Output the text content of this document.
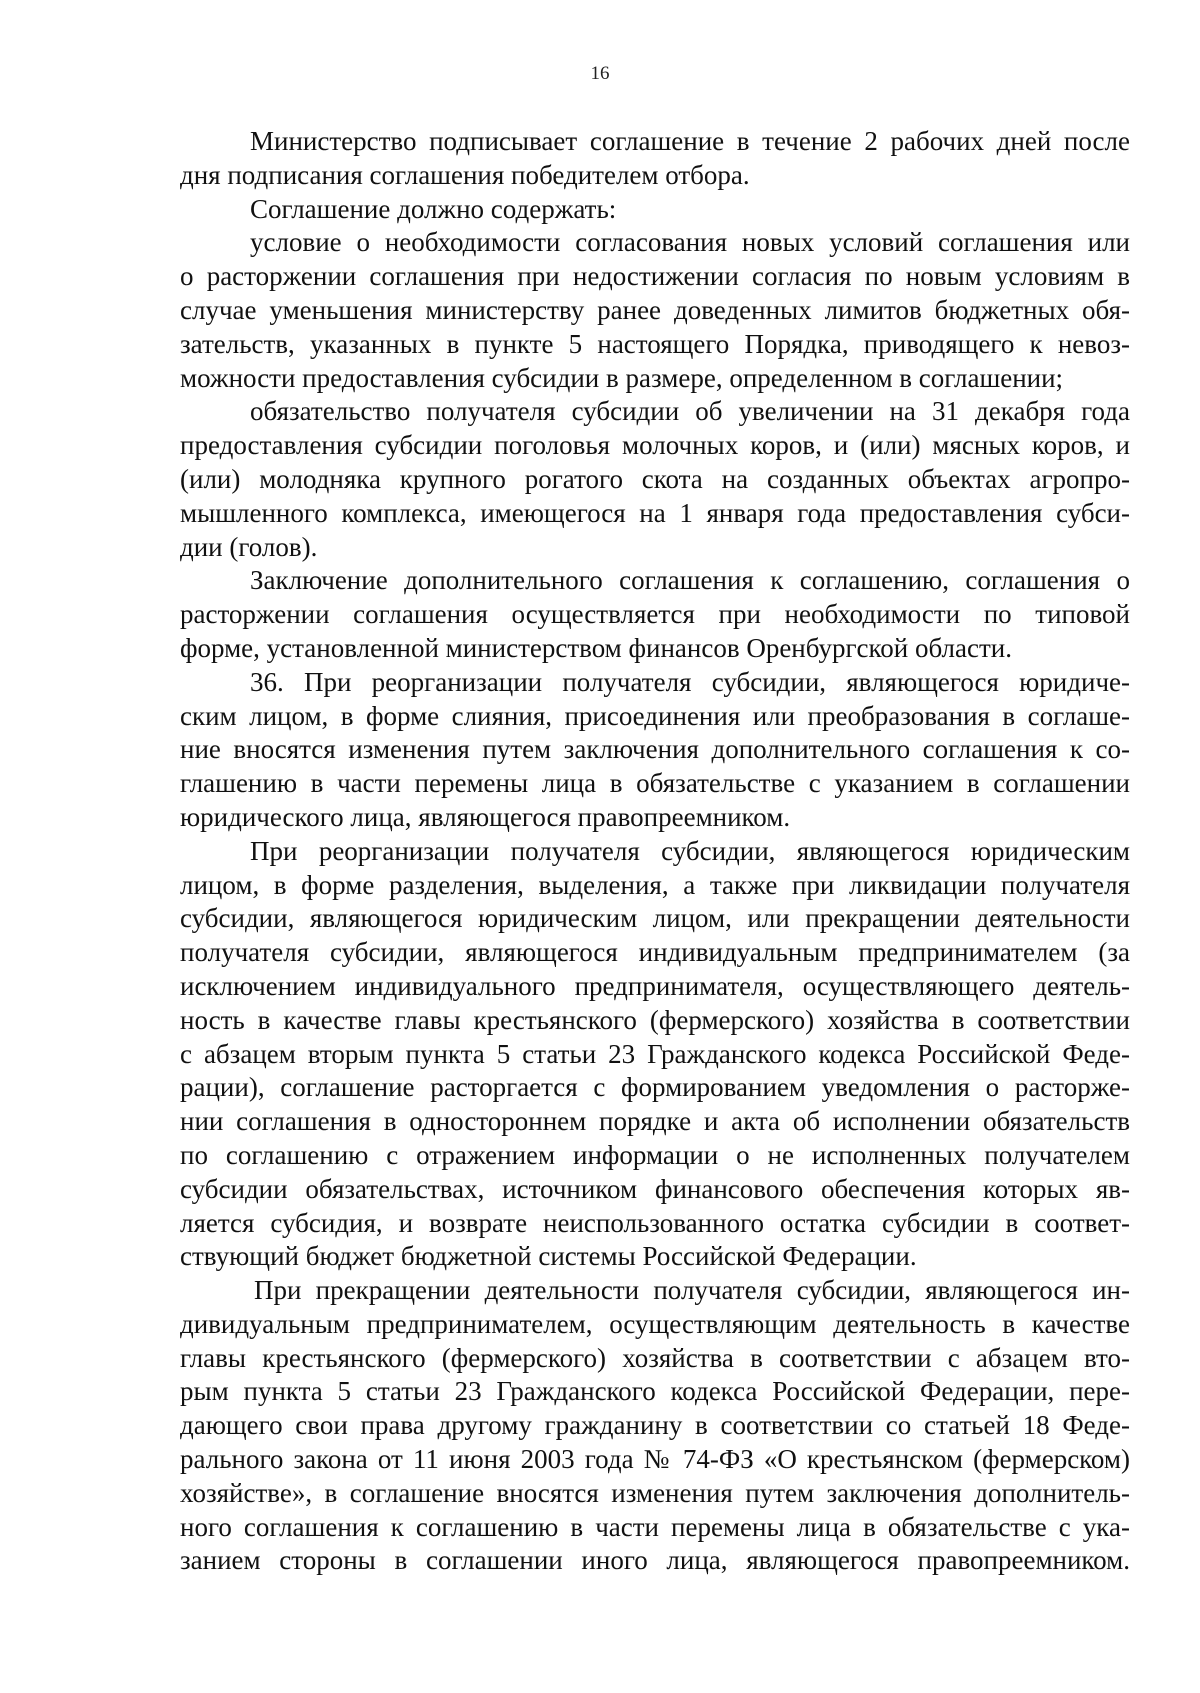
16
Министерство подписывает соглашение в течение 2 рабочих дней после
дня подписания соглашения победителем отбора.
Соглашение должно содержать:
условие о необходимости согласования новых условий соглашения или
о расторжении соглашения при недостижении согласия по новым условиям в
случае уменьшения министерству ранее доведенных лимитов бюджетных обя-
зательств, указанных в пункте 5 настоящего Порядка, приводящего к невоз-
можности предоставления субсидии в размере, определенном в соглашении;
обязательство получателя субсидии об увеличении на 31 декабря года
предоставления субсидии поголовья молочных коров, и (или) мясных коров, и
(или) молодняка крупного рогатого скота на созданных объектах агропро-
мышленного комплекса, имеющегося на 1 января года предоставления субси-
дии (голов).
Заключение дополнительного соглашения к соглашению, соглашения о
расторжении соглашения осуществляется при необходимости по типовой
форме, установленной министерством финансов Оренбургской области.
36. При реорганизации получателя субсидии, являющегося юридиче-
ским лицом, в форме слияния, присоединения или преобразования в соглаше-
ние вносятся изменения путем заключения дополнительного соглашения к со-
глашению в части перемены лица в обязательстве с указанием в соглашении
юридического лица, являющегося правопреемником.
При реорганизации получателя субсидии, являющегося юридическим
лицом, в форме разделения, выделения, а также при ликвидации получателя
субсидии, являющегося юридическим лицом, или прекращении деятельности
получателя субсидии, являющегося индивидуальным предпринимателем (за
исключением индивидуального предпринимателя, осуществляющего деятель-
ность в качестве главы крестьянского (фермерского) хозяйства в соответствии
с абзацем вторым пункта 5 статьи 23 Гражданского кодекса Российской Феде-
рации), соглашение расторгается с формированием уведомления о расторже-
нии соглашения в одностороннем порядке и акта об исполнении обязательств
по соглашению с отражением информации о не исполненных получателем
субсидии обязательствах, источником финансового обеспечения которых яв-
ляется субсидия, и возврате неиспользованного остатка субсидии в соответ-
ствующий бюджет бюджетной системы Российской Федерации.
При прекращении деятельности получателя субсидии, являющегося ин-
дивидуальным предпринимателем, осуществляющим деятельность в качестве
главы крестьянского (фермерского) хозяйства в соответствии с абзацем вто-
рым пункта 5 статьи 23 Гражданского кодекса Российской Федерации, пере-
дающего свои права другому гражданину в соответствии со статьей 18 Феде-
рального закона от 11 июня 2003 года № 74-ФЗ «О крестьянском (фермерском)
хозяйстве», в соглашение вносятся изменения путем заключения дополнитель-
ного соглашения к соглашению в части перемены лица в обязательстве с ука-
занием стороны в соглашении иного лица, являющегося правопреемником.
